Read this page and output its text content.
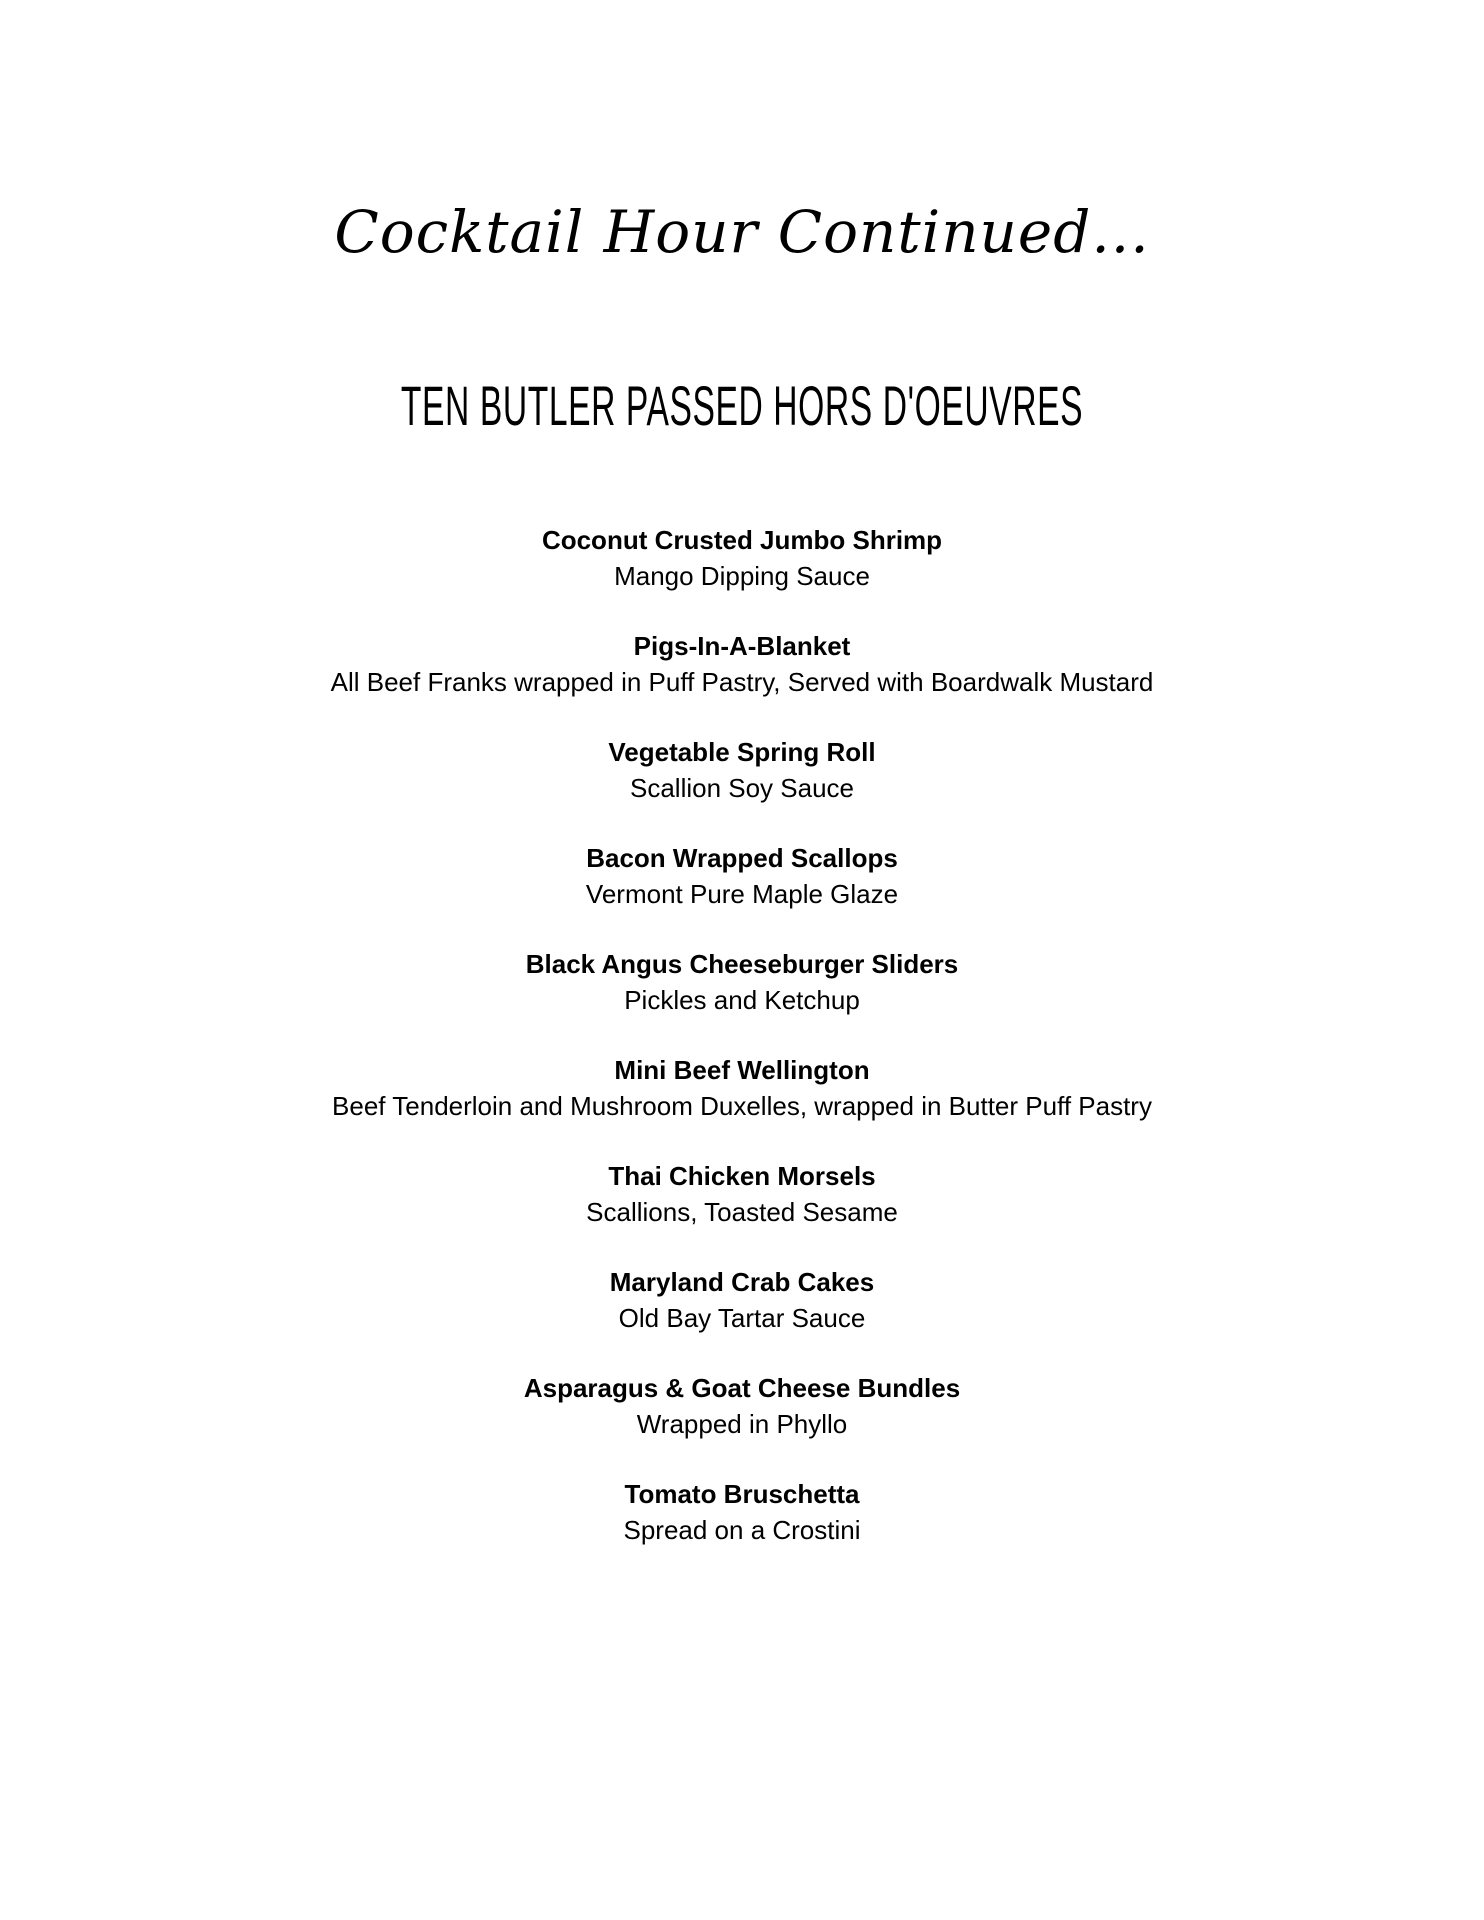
Cocktail Hour Continued...
TEN BUTLER PASSED HORS D'OEUVRES
Coconut Crusted Jumbo Shrimp
Mango Dipping Sauce
Pigs-In-A-Blanket
All Beef Franks wrapped in Puff Pastry, Served with Boardwalk Mustard
Vegetable Spring Roll
Scallion Soy Sauce
Bacon Wrapped Scallops
Vermont Pure Maple Glaze
Black Angus Cheeseburger Sliders
Pickles and Ketchup
Mini Beef Wellington
Beef Tenderloin and Mushroom Duxelles, wrapped in Butter Puff Pastry
Thai Chicken Morsels
Scallions, Toasted Sesame
Maryland Crab Cakes
Old Bay Tartar Sauce
Asparagus & Goat Cheese Bundles
Wrapped in Phyllo
Tomato Bruschetta
Spread on a Crostini
